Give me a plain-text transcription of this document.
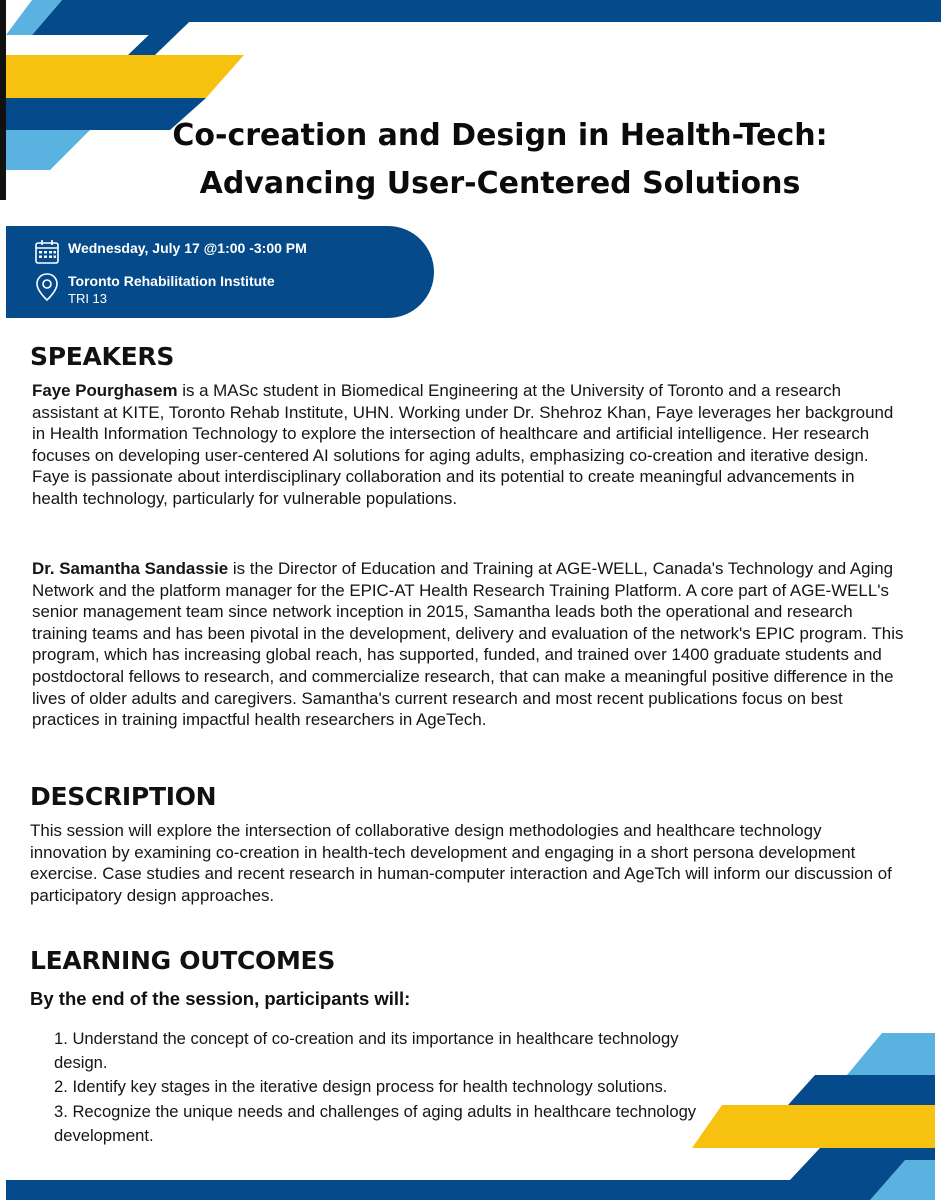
Co-creation and Design in Health-Tech:
Advancing User-Centered Solutions
Wednesday, July 17 @1:00 -3:00 PM
Toronto Rehabilitation Institute
TRI 13
SPEAKERS

Faye Pourghasem is a MASc student in Biomedical Engineering at the University of Toronto and a research assistant at KITE, Toronto Rehab Institute, UHN. Working under Dr. Shehroz Khan, Faye leverages her background in Health Information Technology to explore the intersection of healthcare and artificial intelligence. Her research focuses on developing user-centered AI solutions for aging adults, emphasizing co-creation and iterative design. Faye is passionate about interdisciplinary collaboration and its potential to create meaningful advancements in health technology, particularly for vulnerable populations.

Dr. Samantha Sandassie is the Director of Education and Training at AGE-WELL, Canada's Technology and Aging Network and the platform manager for the EPIC-AT Health Research Training Platform. A core part of AGE-WELL's senior management team since network inception in 2015, Samantha leads both the operational and research training teams and has been pivotal in the development, delivery and evaluation of the network's EPIC program. This program, which has increasing global reach, has supported, funded, and trained over 1400 graduate students and postdoctoral fellows to research, and commercialize research, that can make a meaningful positive difference in the lives of older adults and caregivers. Samantha's current research and most recent publications focus on best practices in training impactful health researchers in AgeTech.

DESCRIPTION

This session will explore the intersection of collaborative design methodologies and healthcare technology innovation by examining co-creation in health-tech development and engaging in a short persona development exercise. Case studies and recent research in human-computer interaction and AgeTch will inform our discussion of participatory design approaches.

LEARNING OUTCOMES

By the end of the session, participants will:

1. Understand the concept of co-creation and its importance in healthcare technology design.
2. Identify key stages in the iterative design process for health technology solutions.
3. Recognize the unique needs and challenges of aging adults in healthcare technology development.
